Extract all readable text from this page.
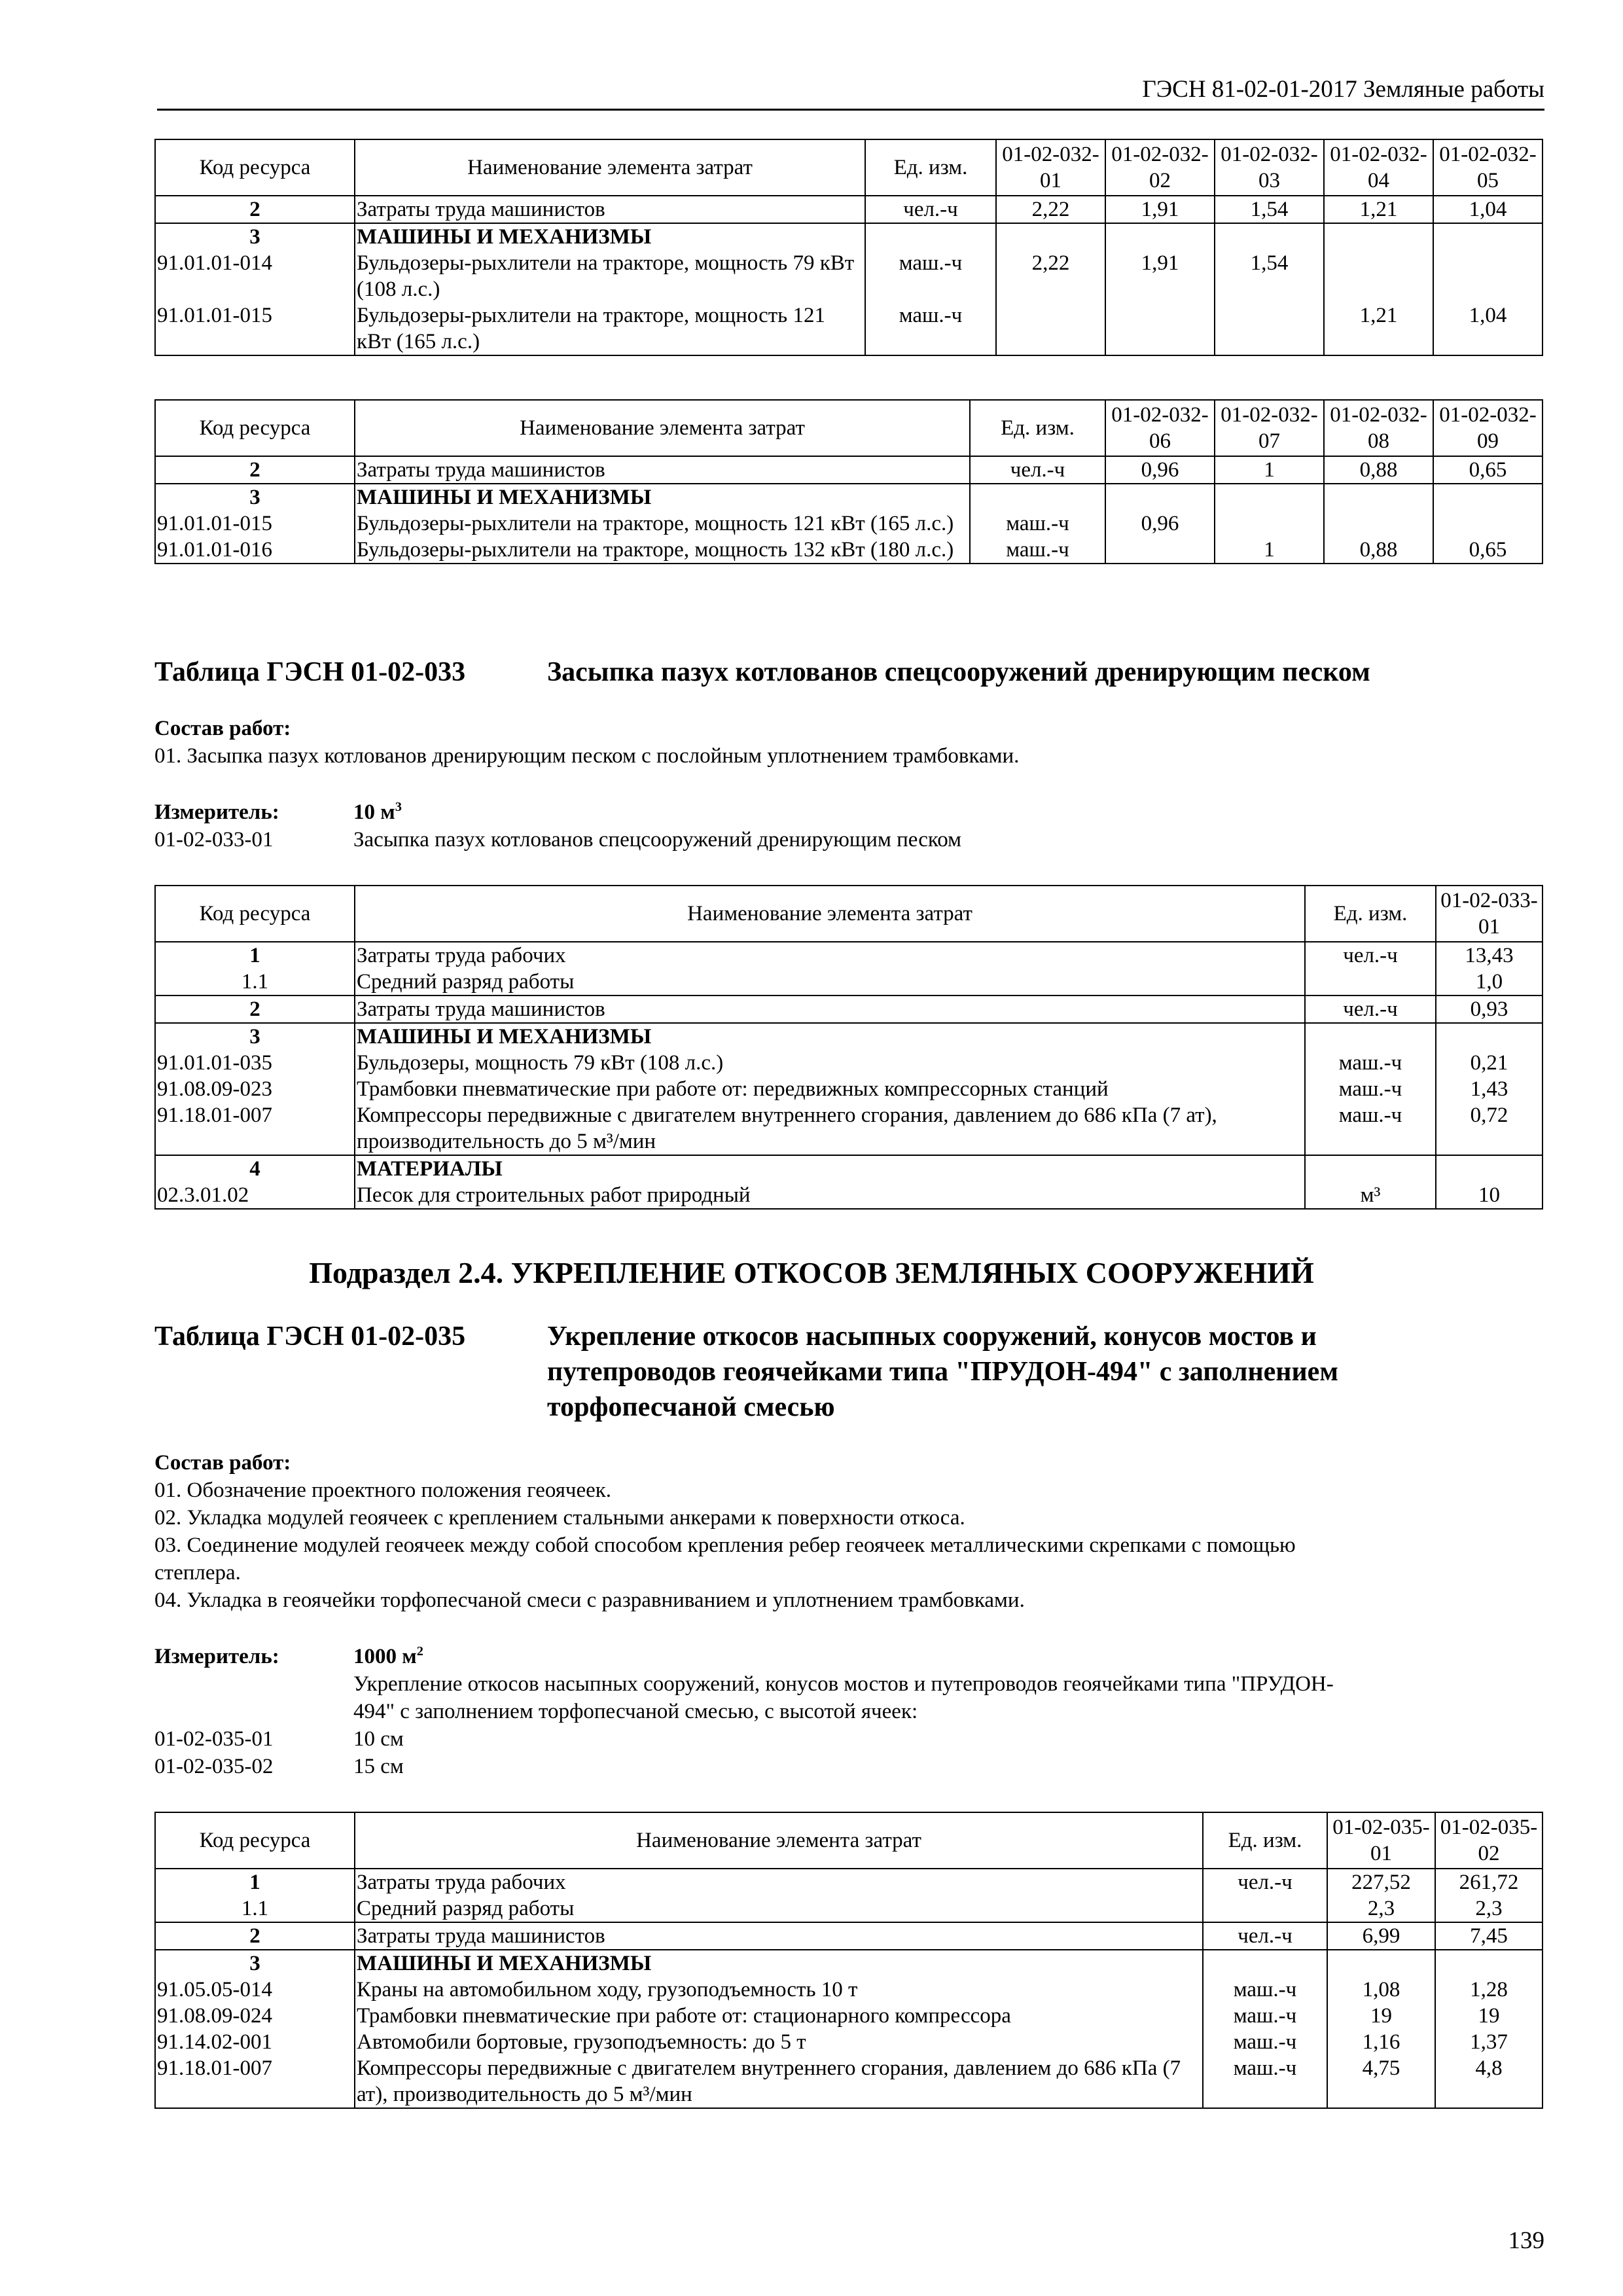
ГЭСН 81-02-01-2017 Земляные работы
Код ресурса	Наименование элемента затрат	Ед. изм.	01-02-032-01	01-02-032-02	01-02-032-03	01-02-032-04	01-02-032-05
2	Затраты труда машинистов	чел.-ч	2,22	1,91	1,54	1,21	1,04
3	МАШИНЫ И МЕХАНИЗМЫ						
91.01.01-014	Бульдозеры-рыхлители на тракторе, мощность 79 кВт (108 л.с.)	маш.-ч	2,22	1,91	1,54		
91.01.01-015	Бульдозеры-рыхлители на тракторе, мощность 121 кВт (165 л.с.)	маш.-ч				1,21	1,04
Код ресурса	Наименование элемента затрат	Ед. изм.	01-02-032-06	01-02-032-07	01-02-032-08	01-02-032-09
2	Затраты труда машинистов	чел.-ч	0,96	1	0,88	0,65
3	МАШИНЫ И МЕХАНИЗМЫ					
91.01.01-015	Бульдозеры-рыхлители на тракторе, мощность 121 кВт (165 л.с.)	маш.-ч	0,96			
91.01.01-016	Бульдозеры-рыхлители на тракторе, мощность 132 кВт (180 л.с.)	маш.-ч		1	0,88	0,65
Таблица ГЭСН 01-02-033	Засыпка пазух котлованов спецсооружений дренирующим песком
Состав работ:
01. Засыпка пазух котлованов дренирующим песком с послойным уплотнением трамбовками.
Измеритель:	10 $м^3$
01-02-033-01	Засыпка пазух котлованов спецсооружений дренирующим песком
Код ресурса	Наименование элемента затрат	Ед. изм.	01-02-033-01
1	Затраты труда рабочих	чел.-ч	13,43
1.1	Средний разряд работы		1,0
2	Затраты труда машинистов	чел.-ч	0,93
3	МАШИНЫ И МЕХАНИЗМЫ		
91.01.01-035	Бульдозеры, мощность 79 кВт (108 л.с.)	маш.-ч	0,21
91.08.09-023	Трамбовки пневматические при работе от: передвижных компрессорных станций	маш.-ч	1,43
91.18.01-007	Компрессоры передвижные с двигателем внутреннего сгорания, давлением до 686 кПа (7 ат), производительность до 5 м³/мин	маш.-ч	0,72
4	МАТЕРИАЛЫ		
02.3.01.02	Песок для строительных работ природный	м³	10
Подраздел 2.4. УКРЕПЛЕНИЕ ОТКОСОВ ЗЕМЛЯНЫХ СООРУЖЕНИЙ
Таблица ГЭСН 01-02-035	Укрепление откосов насыпных сооружений, конусов мостов и
путепроводов геоячейками типа "ПРУДОН-494" с заполнением
торфопесчаной смесью
Состав работ:
01. Обозначение проектного положения геоячеек.
02. Укладка модулей геоячеек с креплением стальными анкерами к поверхности откоса.
03. Соединение модулей геоячеек между собой способом крепления ребер геоячеек металлическими скрепками с помощью
степлера.
04. Укладка в геоячейки торфопесчаной смеси с разравниванием и уплотнением трамбовками.
Измеритель:	1000 $м^2$
Укрепление откосов насыпных сооружений, конусов мостов и путепроводов геоячейками типа "ПРУДОН-
494" с заполнением торфопесчаной смесью, с высотой ячеек:
01-02-035-01	10 см
01-02-035-02	15 см
Код ресурса	Наименование элемента затрат	Ед. изм.	01-02-035-01	01-02-035-02
1	Затраты труда рабочих	чел.-ч	227,52	261,72
1.1	Средний разряд работы		2,3	2,3
2	Затраты труда машинистов	чел.-ч	6,99	7,45
3	МАШИНЫ И МЕХАНИЗМЫ			
91.05.05-014	Краны на автомобильном ходу, грузоподъемность 10 т	маш.-ч	1,08	1,28
91.08.09-024	Трамбовки пневматические при работе от: стационарного компрессора	маш.-ч	19	19
91.14.02-001	Автомобили бортовые, грузоподъемность: до 5 т	маш.-ч	1,16	1,37
91.18.01-007	Компрессоры передвижные с двигателем внутреннего сгорания, давлением до 686 кПа (7 ат), производительность до 5 м³/мин	маш.-ч	4,75	4,8
139
